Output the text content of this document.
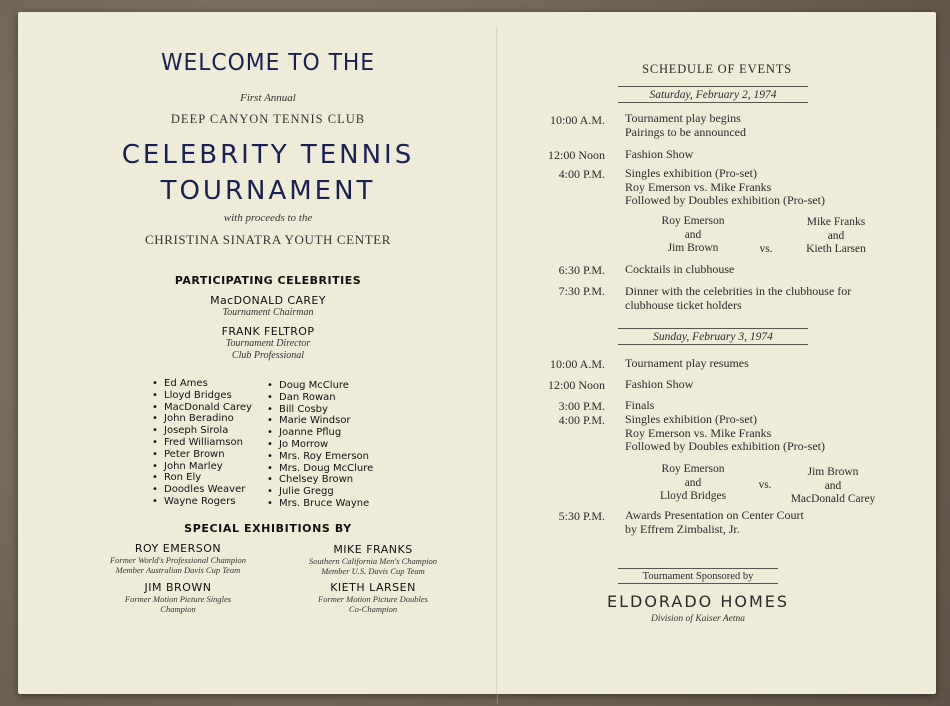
WELCOME TO THE
First Annual
DEEP CANYON TENNIS CLUB
CELEBRITY TENNIS
TOURNAMENT
with proceeds to the
CHRISTINA SINATRA YOUTH CENTER
PARTICIPATING CELEBRITIES
MacDONALD CAREY
Tournament Chairman
FRANK FELTROP
Tournament Director
Club Professional
• Ed Ames
• Lloyd Bridges
• MacDonald Carey
• John Beradino
• Joseph Sirola
• Fred Williamson
• Peter Brown
• John Marley
• Ron Ely
• Doodles Weaver
• Wayne Rogers
• Doug McClure
• Dan Rowan
• Bill Cosby
• Marie Windsor
• Joanne Pflug
• Jo Morrow
• Mrs. Roy Emerson
• Mrs. Doug McClure
• Chelsey Brown
• Julie Gregg
• Mrs. Bruce Wayne
SPECIAL EXHIBITIONS BY
ROY EMERSON
Former World's Professional Champion
Member Australian Davis Cup Team
MIKE FRANKS
Southern California Men's Champion
Member U.S. Davis Cup Team
JIM BROWN
Former Motion Picture Singles
Champion
KIETH LARSEN
Former Motion Picture Doubles
Co-Champion
SCHEDULE OF EVENTS
Saturday, February 2, 1974
10:00 A.M. Tournament play begins
Pairings to be announced
12:00 Noon Fashion Show
4:00 P.M. Singles exhibition (Pro-set)
Roy Emerson vs. Mike Franks
Followed by Doubles exhibition (Pro-set)
Roy Emerson
and
Jim Brown	vs.
Mike Franks
and
Kieth Larsen
6:30 P.M. Cocktails in clubhouse
7:30 P.M. Dinner with the celebrities in the clubhouse for
clubhouse ticket holders
Sunday, February 3, 1974
10:00 A.M. Tournament play resumes
12:00 Noon Fashion Show
3:00 P.M. Finals
4:00 P.M. Singles exhibition (Pro-set)
Roy Emerson vs. Mike Franks
Followed by Doubles exhibition (Pro-set)
Roy Emerson
and
Lloyd Bridges
vs.
Jim Brown
and
MacDonald Carey
5:30 P.M. Awards Presentation on Center Court
by Effrem Zimbalist, Jr.
Tournament Sponsored by
ELDORADO HOMES
Division of Kaiser Aetna
